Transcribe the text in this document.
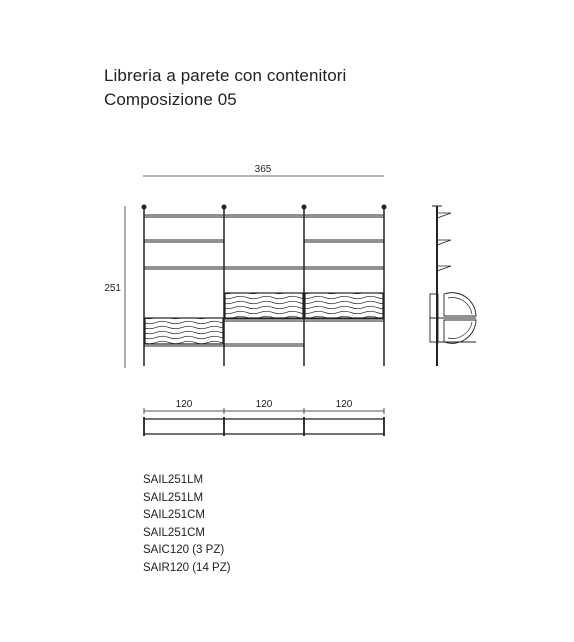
Libreria a parete con contenitori
Composizione 05
365
251
120	120	120
SAIL251LM
SAIL251LM
SAIL251CM
SAIL251CM
SAIC120 (3 PZ)
SAIR120 (14 PZ)
